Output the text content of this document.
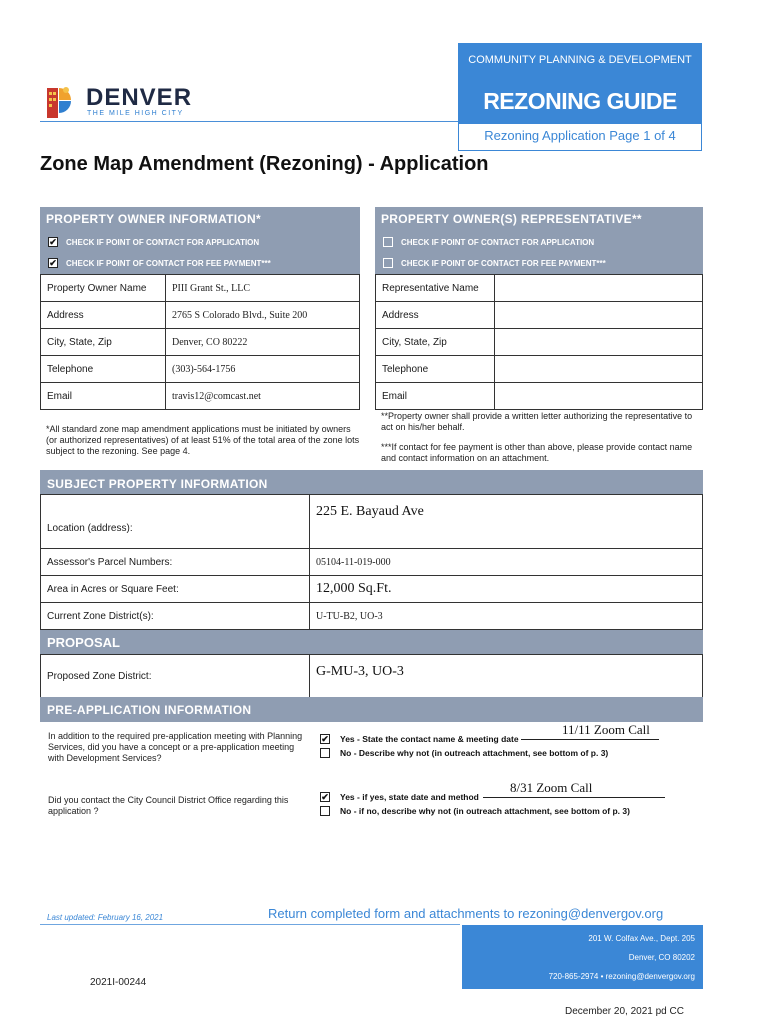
DENVER
THE MILE HIGH CITY
COMMUNITY PLANNING & DEVELOPMENT
REZONING GUIDE
Rezoning Application Page 1 of 4
Zone Map Amendment (Rezoning) - Application
PROPERTY OWNER INFORMATION*
✔ CHECK IF POINT OF CONTACT FOR APPLICATION
✔ CHECK IF POINT OF CONTACT FOR FEE PAYMENT***
PROPERTY OWNER(S) REPRESENTATIVE**
CHECK IF POINT OF CONTACT FOR APPLICATION
CHECK IF POINT OF CONTACT FOR FEE PAYMENT***
Property Owner Name	PIII Grant St., LLC
Address	2765 S Colorado Blvd., Suite 200
City, State, Zip	Denver, CO 80222
Telephone	(303)-564-1756
Email	travis12@comcast.net
Representative Name
Address
City, State, Zip
Telephone
Email
*All standard zone map amendment applications must be initiated by owners (or authorized representatives) of at least 51% of the total area of the zone lots subject to the rezoning. See page 4.
**Property owner shall provide a written letter authorizing the representative to act on his/her behalf.
***If contact for fee payment is other than above, please provide contact name and contact information on an attachment.
SUBJECT PROPERTY INFORMATION
Location (address):
225 E. Bayaud Ave
Assessor's Parcel Numbers:	05104-11-019-000
Area in Acres or Square Feet:	12,000 Sq.Ft.
Current Zone District(s):	U-TU-B2, UO-3
PROPOSAL
Proposed Zone District:	G-MU-3, UO-3
PRE-APPLICATION INFORMATION
In addition to the required pre-application meeting with Planning Services, did you have a concept or a pre-application meeting with Development Services?
11/11 Zoom Call
✔ Yes - State the contact name & meeting date
No - Describe why not (in outreach attachment, see bottom of p. 3)
Did you contact the City Council District Office regarding this application ?
8/31 Zoom Call
✔ Yes - if yes, state date and method
No - if no, describe why not (in outreach attachment, see bottom of p. 3)
Last updated: February 16, 2021	Return completed form and attachments to rezoning@denvergov.org
201 W. Colfax Ave., Dept. 205
Denver, CO 80202
720-865-2974 • rezoning@denvergov.org
2021I-00244
December 20, 2021 pd CC
